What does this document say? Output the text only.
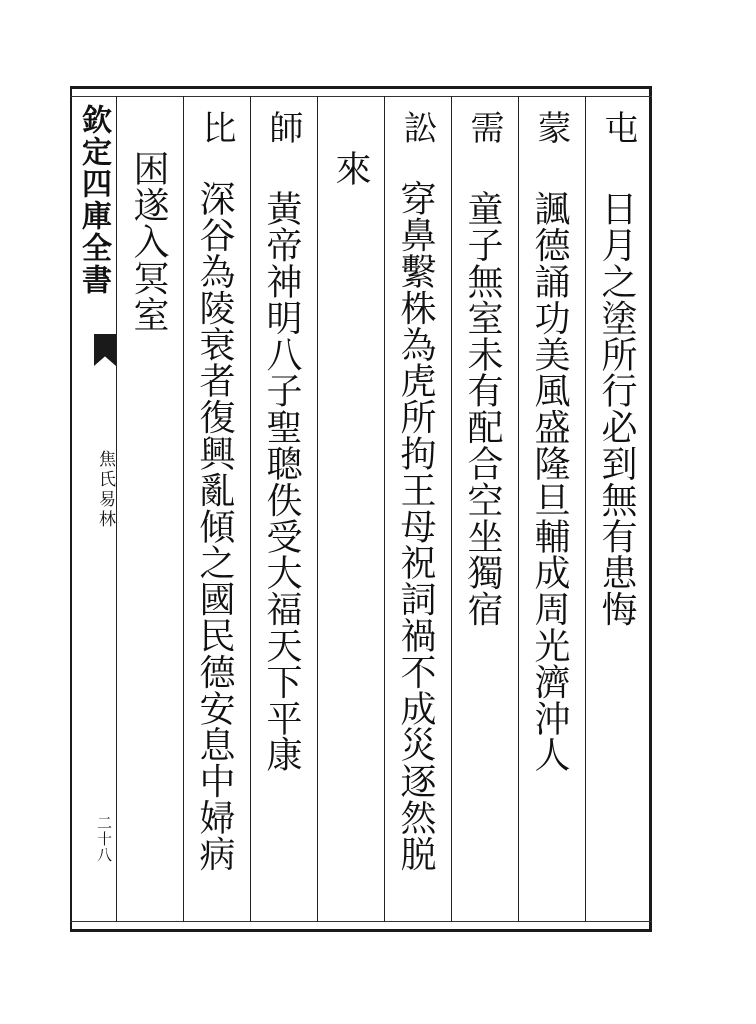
欽定四庫全書
焦氏易林
二十八
屯
日月之塗所行必到無有患悔
蒙
諷德誦功美風盛隆旦輔成周光濟沖人
需
童子無室未有配合空坐獨宿
訟
穿鼻繫株為虎所拘王母祝詞禍不成災逐然脱
來
師
黃帝神明八子聖聰佚受大福天下平康
比
深谷為陵衰者復興亂傾之國民德安息中婦病
困遂入冥室
